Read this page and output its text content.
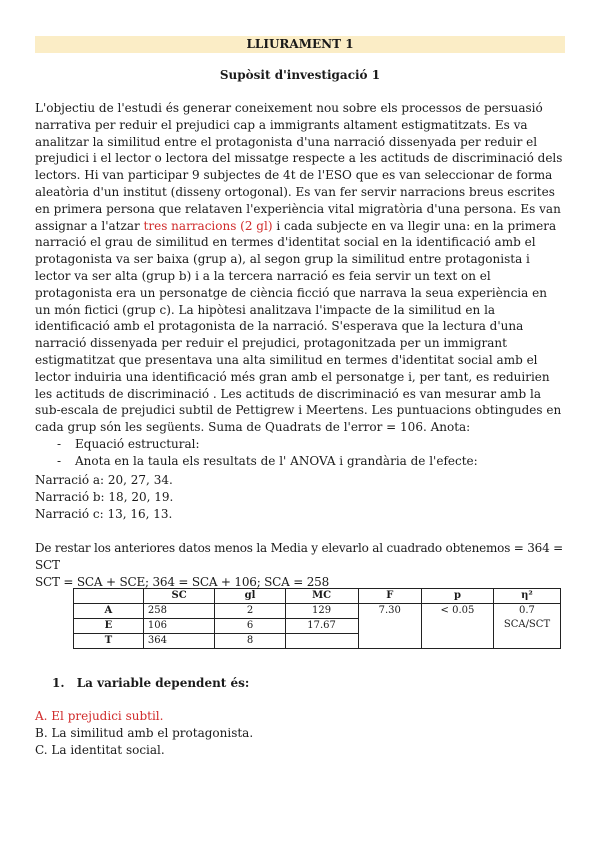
LLIURAMENT 1
Supòsit d'investigació 1
L'objectiu de l'estudi és generar coneixement nou sobre els processos de persuasió narrativa per reduir el prejudici cap a immigrants altament estigmatitzats. Es va analitzar la similitud entre el protagonista d'una narració dissenyada per reduir el prejudici i el lector o lectora del missatge respecte a les actituds de discriminació dels lectors. Hi van participar 9 subjectes de 4t de l'ESO que es van seleccionar de forma aleatòria d'un institut (disseny ortogonal). Es van fer servir narracions breus escrites en primera persona que relataven l'experiència vital migratòria d'una persona. Es van assignar a l'atzar tres narracions (2 gl) i cada subjecte en va llegir una: en la primera narració el grau de similitud en termes d'identitat social en la identificació amb el protagonista va ser baixa (grup a), al segon grup la similitud entre protagonista i lector va ser alta (grup b) i a la tercera narració es feia servir un text on el protagonista era un personatge de ciència ficció que narrava la seua experiència en un món fictici (grup c). La hipòtesi analitzava l'impacte de la similitud en la identificació amb el protagonista de la narració. S'esperava que la lectura d'una narració dissenyada per reduir el prejudici, protagonitzada per un immigrant estigmatitzat que presentava una alta similitud en termes d'identitat social amb el lector induiria una identificació més gran amb el personatge i, per tant, es reduirien les actituds de discriminació . Les actituds de discriminació es van mesurar amb la sub-escala de prejudici subtil de Pettigrew i Meertens. Les puntuacions obtingudes en cada grup són les següents. Suma de Quadrats de l'error = 106. Anota:
- Equació estructural:
- Anota en la taula els resultats de l' ANOVA i grandària de l'efecte:
Narració a: 20, 27, 34.
Narració b: 18, 20, 19.
Narració c: 13, 16, 13.
De restar los anteriores datos menos la Media y elevarlo al cuadrado obtenemos = 364 = SCT
SCT = SCA + SCE; 364 = SCA + 106; SCA = 258
	SC	gl	MC	F	p	η²
A	258	2	129	7.30	< 0.05	0.7
SCA/SCT

E	106	6	17.67			
T	364	8				
1. La variable dependent és:
A. El prejudici subtil.
B. La similitud amb el protagonista.
C. La identitat social.
